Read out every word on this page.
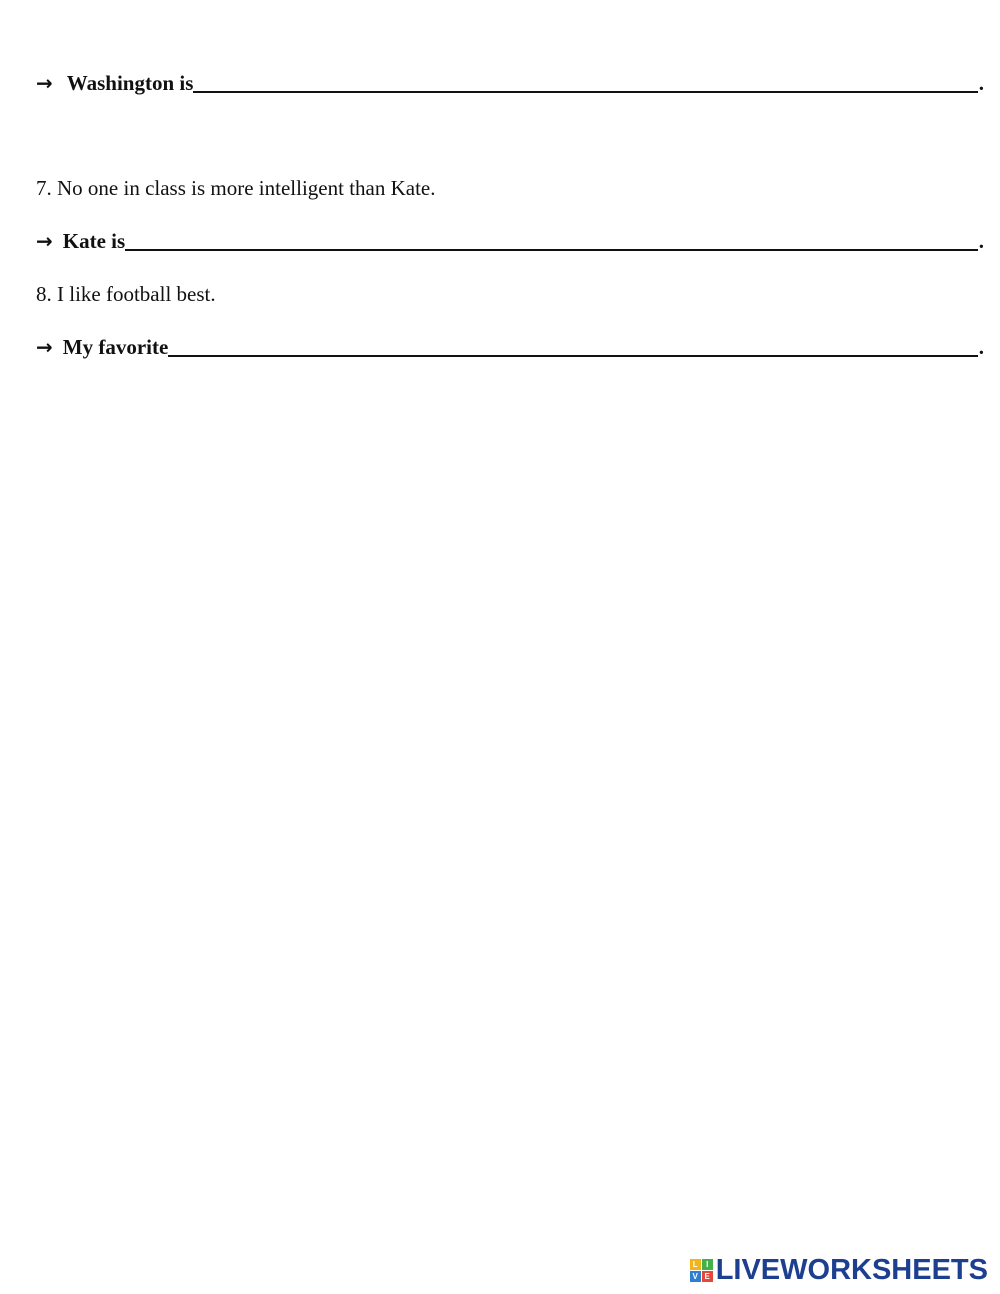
→ Washington is	.
7. No one in class is more intelligent than Kate.
→ Kate is	.
8. I like football best.
→ My favorite	.
L	I
V E LIVEWORKSHEETS
